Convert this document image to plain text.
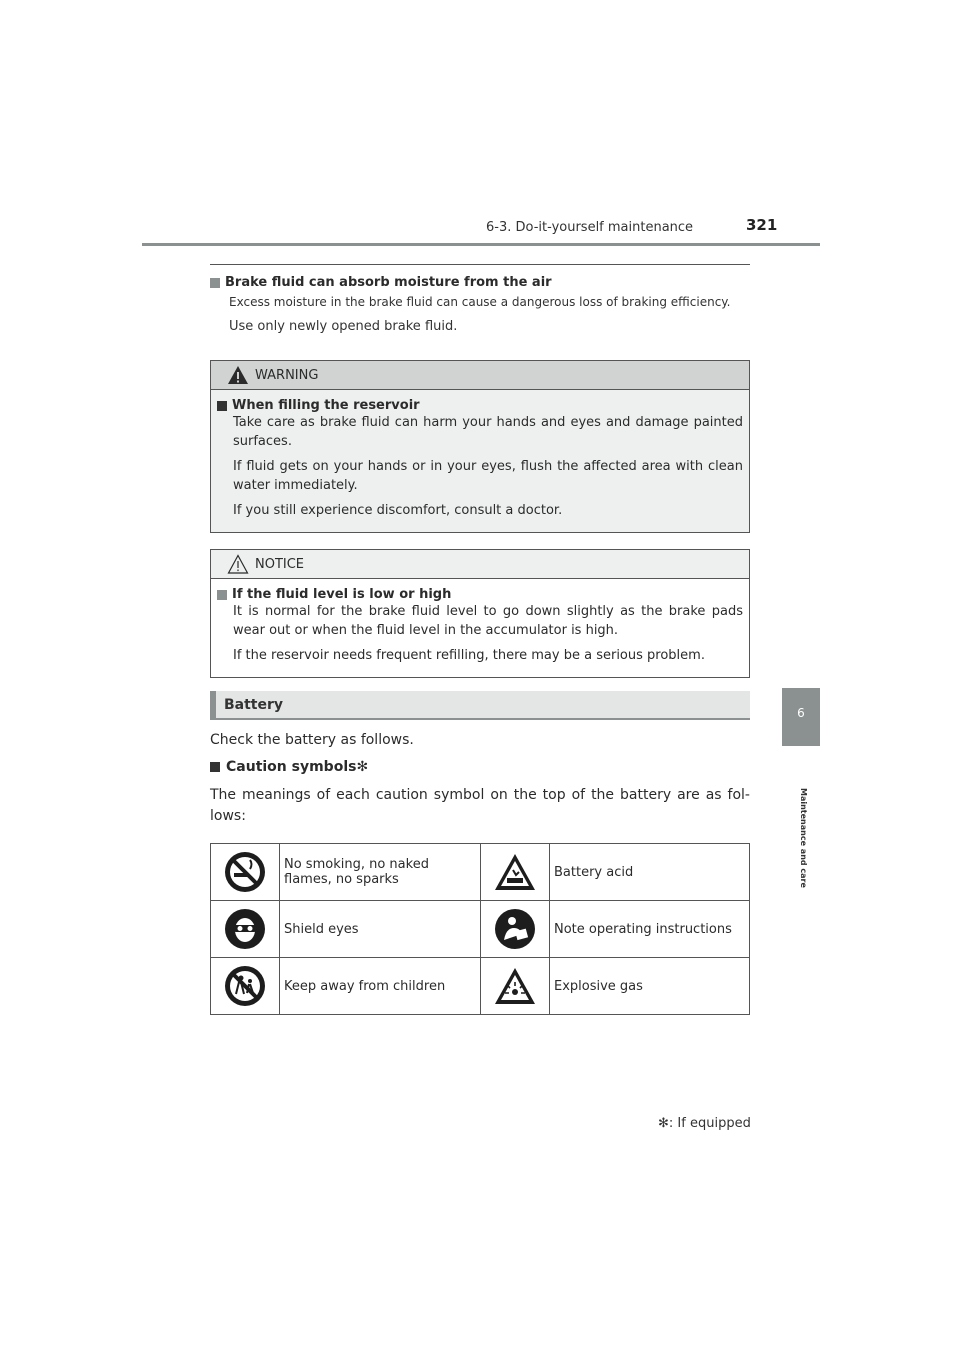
6-3. Do-it-yourself maintenance	321
6
Maintenance and care
Brake fluid can absorb moisture from the air
Excess moisture in the brake fluid can cause a dangerous loss of braking efficiency.
Use only newly opened brake fluid.
WARNING
When filling the reservoir

Take care as brake fluid can harm your hands and eyes and damage painted surfaces.

If fluid gets on your hands or in your eyes, flush the affected area with clean water immediately.

If you still experience discomfort, consult a doctor.

NOTICE
If the fluid level is low or high

It is normal for the brake fluid level to go down slightly as the brake pads wear out or when the fluid level in the accumulator is high.

If the reservoir needs frequent refilling, there may be a serious problem.

Battery
Check the battery as follows.
Caution symbols ✻
The meanings of each caution symbol on the top of the battery are as fol-lows:
	No smoking, no naked flames, no sparks		Battery acid

	Shield eyes		Note operating instructions

	Keep away from children		Explosive gas
✻: If equipped
